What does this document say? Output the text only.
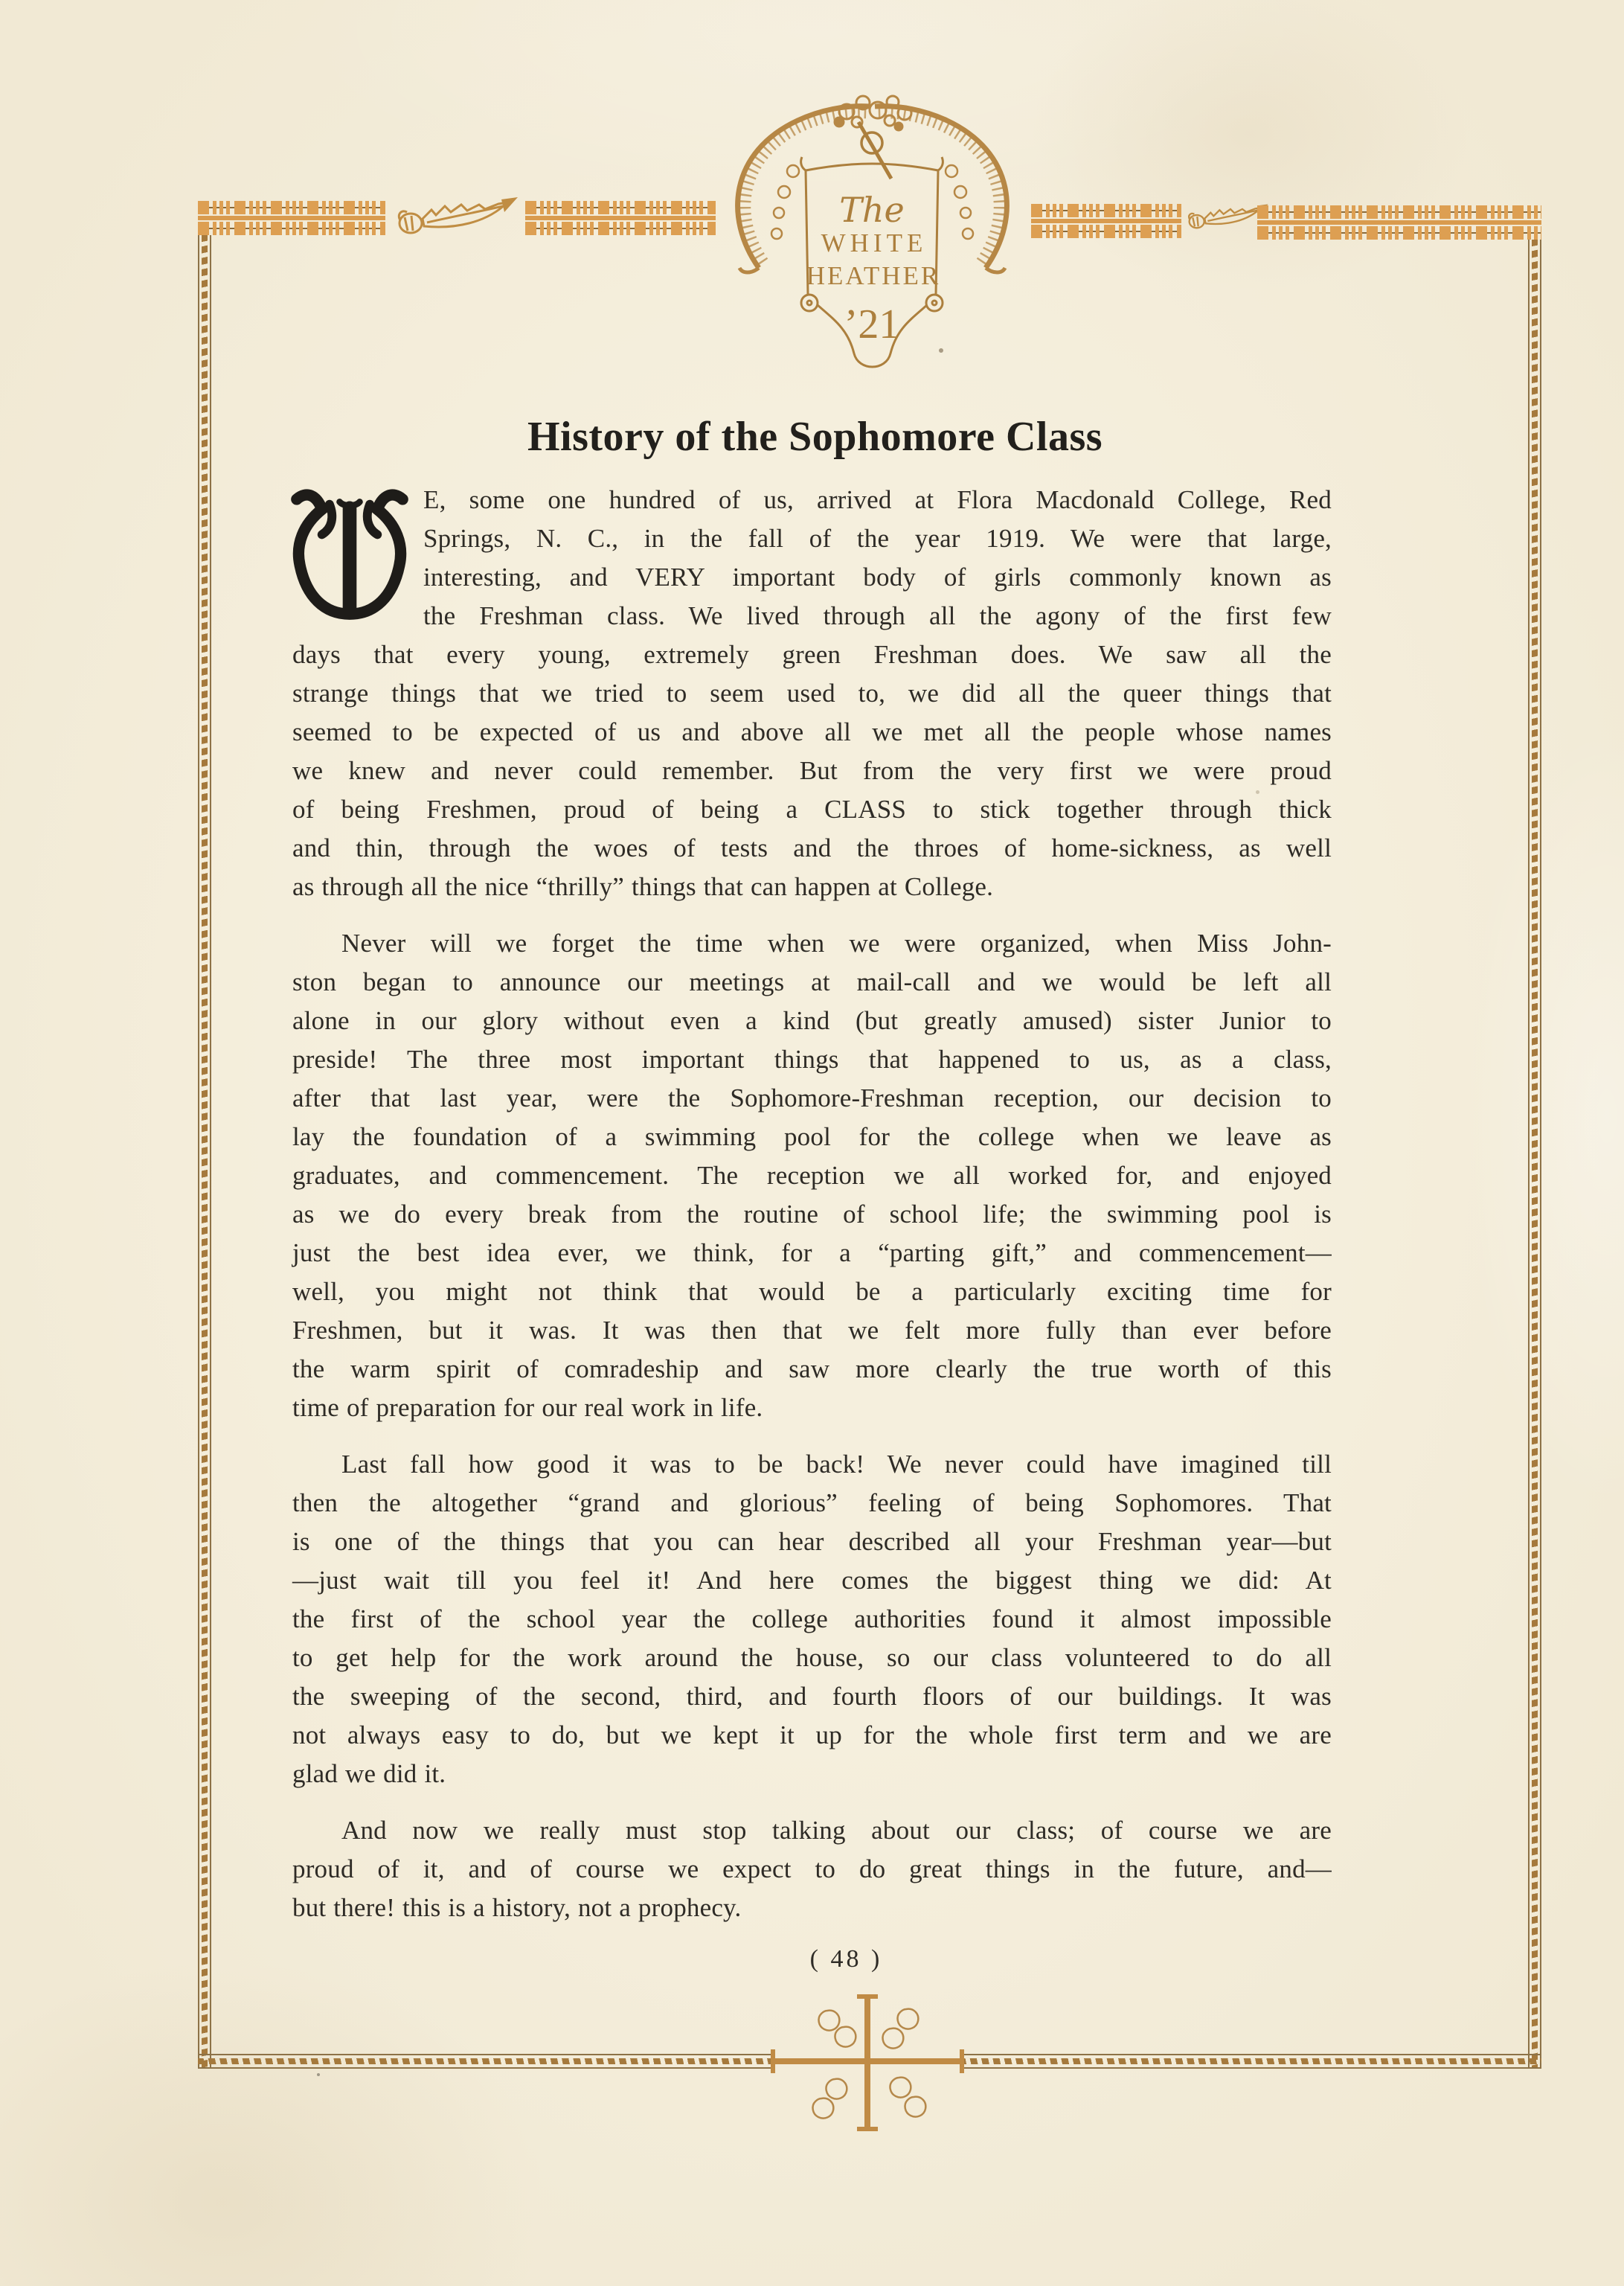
The
WHITE
HEATHER
’21
History of the Sophomore Class
E, some one hundred of us, arrived at Flora Macdonald College, Red
Springs, N. C., in the fall of the year 1919. We were that large,
interesting, and VERY important body of girls commonly known as
the Freshman class. We lived through all the agony of the first few
days that every young, extremely green Freshman does. We saw all the
strange things that we tried to seem used to, we did all the queer things that
seemed to be expected of us and above all we met all the people whose names
we knew and never could remember. But from the very first we were proud
of being Freshmen, proud of being a CLASS to stick together through thick
and thin, through the woes of tests and the throes of home-sickness, as well
as through all the nice “thrilly” things that can happen at College.
Never will we forget the time when we were organized, when Miss John-
ston began to announce our meetings at mail-call and we would be left all
alone in our glory without even a kind (but greatly amused) sister Junior to
preside! The three most important things that happened to us, as a class,
after that last year, were the Sophomore-Freshman reception, our decision to
lay the foundation of a swimming pool for the college when we leave as
graduates, and commencement. The reception we all worked for, and enjoyed
as we do every break from the routine of school life; the swimming pool is
just the best idea ever, we think, for a “parting gift,” and commencement—
well, you might not think that would be a particularly exciting time for
Freshmen, but it was. It was then that we felt more fully than ever before
the warm spirit of comradeship and saw more clearly the true worth of this
time of preparation for our real work in life.
Last fall how good it was to be back! We never could have imagined till
then the altogether “grand and glorious” feeling of being Sophomores. That
is one of the things that you can hear described all your Freshman year—but
—just wait till you feel it! And here comes the biggest thing we did: At
the first of the school year the college authorities found it almost impossible
to get help for the work around the house, so our class volunteered to do all
the sweeping of the second, third, and fourth floors of our buildings. It was
not always easy to do, but we kept it up for the whole first term and we are
glad we did it.
And now we really must stop talking about our class; of course we are
proud of it, and of course we expect to do great things in the future, and—
but there! this is a history, not a prophecy.
( 48 )
